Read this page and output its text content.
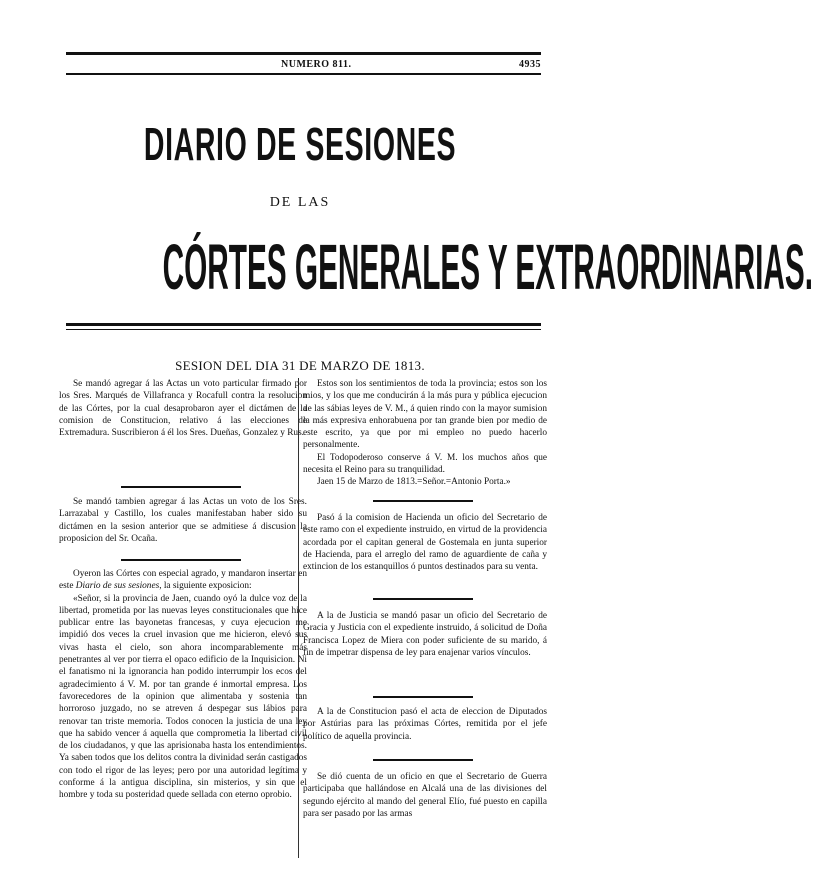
NUMERO 811.	4935
DIARIO DE SESIONES
DE LAS
CÓRTES GENERALES Y EXTRAORDINARIAS.
SESION DEL DIA 31 DE MARZO DE 1813.

Se mandó agregar á las Actas un voto particular firmado por los Sres. Marqués de Villafranca y Rocafull contra la resolucion de las Córtes, por la cual desaprobaron ayer el dictámen de la comision de Constitucion, relativo á las elecciones de Extremadura. Suscribieron á él los Sres. Dueñas, Gonzalez y Rus.

Se mandó tambien agregar á las Actas un voto de los Sres. Larrazabal y Castillo, los cuales manifestaban haber sido su dictámen en la sesion anterior que se admitiese á discusion la proposicion del Sr. Ocaña.

Oyeron las Córtes con especial agrado, y mandaron insertar en este Diario de sus sesiones, la siguiente exposicion:

«Señor, si la provincia de Jaen, cuando oyó la dulce voz de la libertad, prometida por las nuevas leyes constitucionales que hice publicar entre las bayonetas francesas, y cuya ejecucion me impidió dos veces la cruel invasion que me hicieron, elevó sus vivas hasta el cielo, son ahora incomparablemente más penetrantes al ver por tierra el opaco edificio de la Inquisicion. Ni el fanatismo ni la ignorancia han podido interrumpir los ecos del agradecimiento á V. M. por tan grande é inmortal empresa. Los favorecedores de la opinion que alimentaba y sostenia tan horroroso juzgado, no se atreven á despegar sus lábios para renovar tan triste memoria. Todos conocen la justicia de una ley que ha sabido vencer á aquella que comprometia la libertad civil de los ciudadanos, y que las aprisionaba hasta los entendimientos. Ya saben todos que los delitos contra la divinidad serán castigados con todo el rigor de las leyes; pero por una autoridad legítima y conforme á la antigua disciplina, sin misterios, y sin que el hombre y toda su posteridad quede sellada con eterno oprobio.

Estos son los sentimientos de toda la provincia; estos son los mios, y los que me conducirán á la más pura y pública ejecucion de las sábias leyes de V. M., á quien rindo con la mayor sumision la más expresiva enhorabuena por tan grande bien por medio de este escrito, ya que por mi empleo no puedo hacerlo personalmente.

El Todopoderoso conserve á V. M. los muchos años que necesita el Reino para su tranquilidad.

Jaen 15 de Marzo de 1813.=Señor.=Antonio Porta.»

Pasó á la comision de Hacienda un oficio del Secretario de este ramo con el expediente instruido, en virtud de la providencia acordada por el capitan general de Gostemala en junta superior de Hacienda, para el arreglo del ramo de aguardiente de caña y extincion de los estanquillos ó puntos destinados para su venta.

A la de Justicia se mandó pasar un oficio del Secretario de Gracia y Justicia con el expediente instruido, á solicitud de Doña Francisca Lopez de Miera con poder suficiente de su marido, á fin de impetrar dispensa de ley para enajenar varios vínculos.

A la de Constitucion pasó el acta de eleccion de Diputados por Astúrias para las próximas Córtes, remitida por el jefe político de aquella provincia.

Se dió cuenta de un oficio en que el Secretario de Guerra participaba que hallándose en Alcalá una de las divisiones del segundo ejército al mando del general Elío, fué puesto en capilla para ser pasado por las armas
